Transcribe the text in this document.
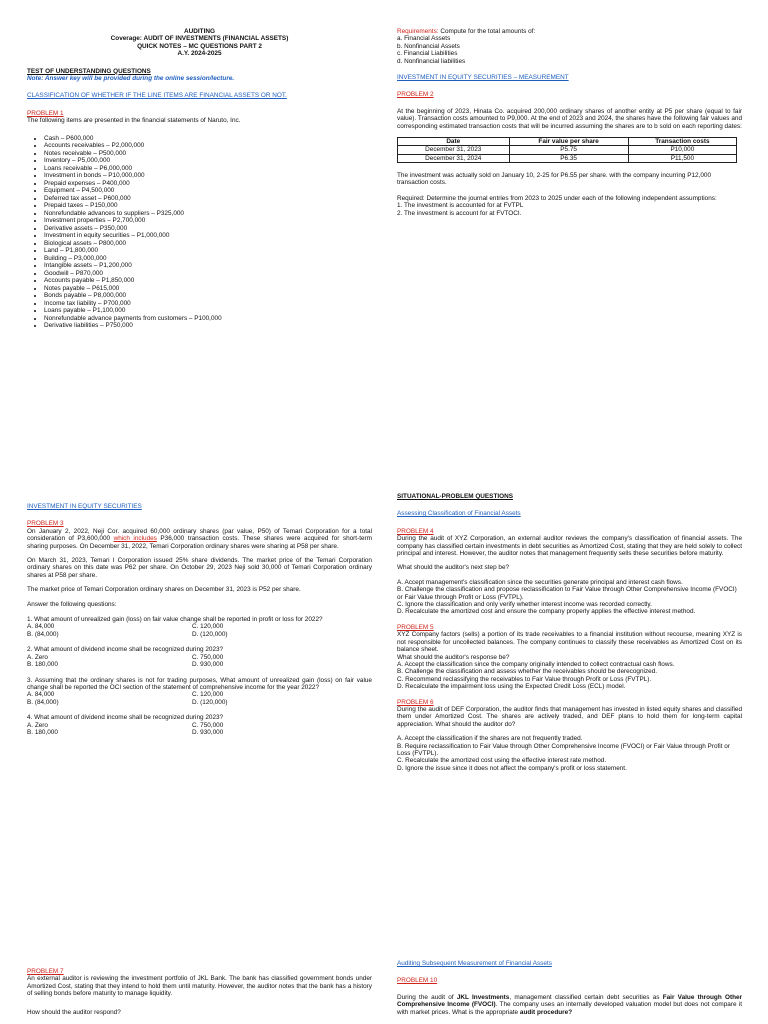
AUDITING

Coverage: AUDIT OF INVESTMENTS (FINANCIAL ASSETS)

QUICK NOTES – MC QUESTIONS PART 2

A.Y. 2024-2025

TEST OF UNDERSTANDING QUESTIONS

Note: Answer key will be provided during the online session/lecture.

CLASSIFICATION OF WHETHER IF THE LINE ITEMS ARE FINANCIAL ASSETS OR NOT.

PROBLEM 1

The following items are presented in the financial statements of Naruto, Inc.

• Cash – P600,000
• Accounts receivables – P2,000,000
• Notes receivable – P500,000
• Inventory – P5,000,000
• Loans receivable – P6,000,000
• Investment in bonds – P10,000,000
• Prepaid expenses – P400,000
• Equipment – P4,500,000
• Deferred tax asset – P600,000
• Prepaid taxes – P150,000
• Nonrefundable advances to suppliers – P325,000
• Investment properties – P2,700,000
• Derivative assets – P350,000
• Investment in equity securities – P1,000,000
• Biological assets – P800,000
• Land – P1,800,000
• Building – P3,000,000
• Intangible assets – P1,200,000
• Goodwill – P870,000
• Accounts payable – P1,850,000
• Notes payable – P615,000
• Bonds payable – P8,000,000
• Income tax liability – P700,000
• Loans payable – P1,100,000
• Nonrefundable advance payments from customers – P100,000
• Derivative liabilities – P750,000

Requirements: Compute for the total amounts of:

a. Financial Assets

b. Nonfinancial Assets

c. Financial Liabilities

d. Nonfinancial liabilities

INVESTMENT IN EQUITY SECURITIES – MEASUREMENT

PROBLEM 2

At the beginning of 2023, Hinata Co. acquired 200,000 ordinary shares of another entity at P5 per share (equal to fair value). Transaction costs amounted to P9,000. At the end of 2023 and 2024, the shares have the following fair values and corresponding estimated transaction costs that will be incurred assuming the shares are to b sold on each reporting dates:

Date	Fair value per share	Transaction costs
December 31, 2023	P5.75	P10,000
December 31, 2024	P6.35	P11,500

The investment was actually sold on January 10, 2-25 for P6.55 per share. with the company incurring P12,000 transaction costs.

Required: Determine the journal entries from 2023 to 2025 under each of the following independent assumptions:

1. The investment is accounted for at FVTPL

2. The investment is account for at FVTOCI.

INVESTMENT IN EQUITY SECURITIES

PROBLEM 3

On January 2, 2022, Neji Cor. acquired 60,000 ordinary shares (par value, P50) of Temari Corporation for a total consideration of P3,600,000 which includes P36,000 transaction costs. These shares were acquired for short-term sharing purposes. On December 31, 2022, Temari Corporation ordinary shares were sharing at P58 per share.

On March 31, 2023, Temari I Corporation issued 25% share dividends. The market price of the Temari Corporation ordinary shares on this date was P62 per share. On October 29, 2023 Neji sold 30,000 of Temari Corporation ordinary shares at P58 per share.

The market price of Temari Corporation ordinary shares on December 31, 2023 is P52 per share.

Answer the following questions:

1. What amount of unrealized gain (loss) on fair value change shall be reported in profit or loss for 2022?

A. 84,000	C. 120,000
B. (84,000)	D. (120,000)

2. What amount of dividend income shall be recognized during 2023?

A. Zero	C. 750,000
B. 180,000	D. 930,000

3. Assuming that the ordinary shares is not for trading purposes, What amount of unrealized gain (loss) on fair value change shall be reported the OCI section of the statement of comprehensive income for the year 2022?

A. 84,000	C. 120,000
B. (84,000)	D. (120,000)

4. What amount of dividend income shall be recognized during 2023?

A. Zero	C. 750,000
B. 180,000	D. 930,000

SITUATIONAL-PROBLEM QUESTIONS

Assessing Classification of Financial Assets

PROBLEM 4

During the audit of XYZ Corporation, an external auditor reviews the company's classification of financial assets. The company has classified certain investments in debt securities as Amortized Cost, stating that they are held solely to collect principal and interest. However, the auditor notes that management frequently sells these securities before maturity.

What should the auditor's next step be?

A. Accept management's classification since the securities generate principal and interest cash flows.

B. Challenge the classification and propose reclassification to Fair Value through Other Comprehensive Income (FVOCI) or Fair Value through Profit or Loss (FVTPL).

C. Ignore the classification and only verify whether interest income was recorded correctly.

D. Recalculate the amortized cost and ensure the company properly applies the effective interest method.

PROBLEM 5

XYZ Company factors (sells) a portion of its trade receivables to a financial institution without recourse, meaning XYZ is not responsible for uncollected balances. The company continues to classify these receivables as Amortized Cost on its balance sheet.

What should the auditor's response be?

A. Accept the classification since the company originally intended to collect contractual cash flows.

B. Challenge the classification and assess whether the receivables should be derecognized.

C. Recommend reclassifying the receivables to Fair Value through Profit or Loss (FVTPL).

D. Recalculate the impairment loss using the Expected Credit Loss (ECL) model.

PROBLEM 6

During the audit of DEF Corporation, the auditor finds that management has invested in listed equity shares and classified them under Amortized Cost. The shares are actively traded, and DEF plans to hold them for long-term capital appreciation. What should the auditor do?

A. Accept the classification if the shares are not frequently traded.

B. Require reclassification to Fair Value through Other Comprehensive Income (FVOCI) or Fair Value through Profit or Loss (FVTPL).

C. Recalculate the amortized cost using the effective interest rate method.

D. Ignore the issue since it does not affect the company's profit or loss statement.

PROBLEM 7

An external auditor is reviewing the investment portfolio of JKL Bank. The bank has classified government bonds under Amortized Cost, stating that they intend to hold them until maturity. However, the auditor notes that the bank has a history of selling bonds before maturity to manage liquidity.

How should the auditor respond?

Auditing Subsequent Measurement of Financial Assets

PROBLEM 10

During the audit of JKL Investments, management classified certain debt securities as Fair Value through Other Comprehensive Income (FVOCI). The company uses an internally developed valuation model but does not compare it with market prices. What is the appropriate audit procedure?
